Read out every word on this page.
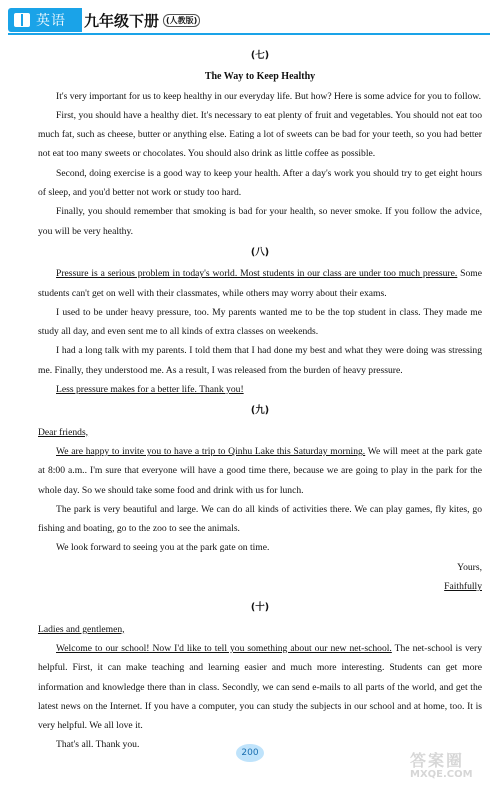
英语 九年级下册 (人教版)
(七)
The Way to Keep Healthy

It's very important for us to keep healthy in our everyday life. But how? Here is some advice for you to follow.

First, you should have a healthy diet. It's necessary to eat plenty of fruit and vegetables. You should not eat too much fat, such as cheese, butter or anything else. Eating a lot of sweets can be bad for your teeth, so you had better not eat too many sweets or chocolates. You should also drink as little coffee as possible.

Second, doing exercise is a good way to keep your health. After a day's work you should try to get eight hours of sleep, and you'd better not work or study too hard.

Finally, you should remember that smoking is bad for your health, so never smoke. If you follow the advice, you will be very healthy.

(八)

Pressure is a serious problem in today's world. Most students in our class are under too much pressure. Some students can't get on well with their classmates, while others may worry about their exams.

I used to be under heavy pressure, too. My parents wanted me to be the top student in class. They made me study all day, and even sent me to all kinds of extra classes on weekends.

I had a long talk with my parents. I told them that I had done my best and what they were doing was stressing me. Finally, they understood me. As a result, I was released from the burden of heavy pressure.

Less pressure makes for a better life. Thank you!

(九)

Dear friends,

We are happy to invite you to have a trip to Qinhu Lake this Saturday morning. We will meet at the park gate at 8:00 a.m.. I'm sure that everyone will have a good time there, because we are going to play in the park for the whole day. So we should take some food and drink with us for lunch.

The park is very beautiful and large. We can do all kinds of activities there. We can play games, fly kites, go fishing and boating, go to the zoo to see the animals.

We look forward to seeing you at the park gate on time.

Yours,

Faithfully

(十)

Ladies and gentlemen,

Welcome to our school! Now I'd like to tell you something about our new net-school. The net-school is very helpful. First, it can make teaching and learning easier and much more interesting. Students can get more information and knowledge there than in class. Secondly, we can send e-mails to all parts of the world, and get the latest news on the Internet. If you have a computer, you can study the subjects in our school and at home, too. It is very helpful. We all love it.

That's all. Thank you.

200	答案圈
MXQE.COM
